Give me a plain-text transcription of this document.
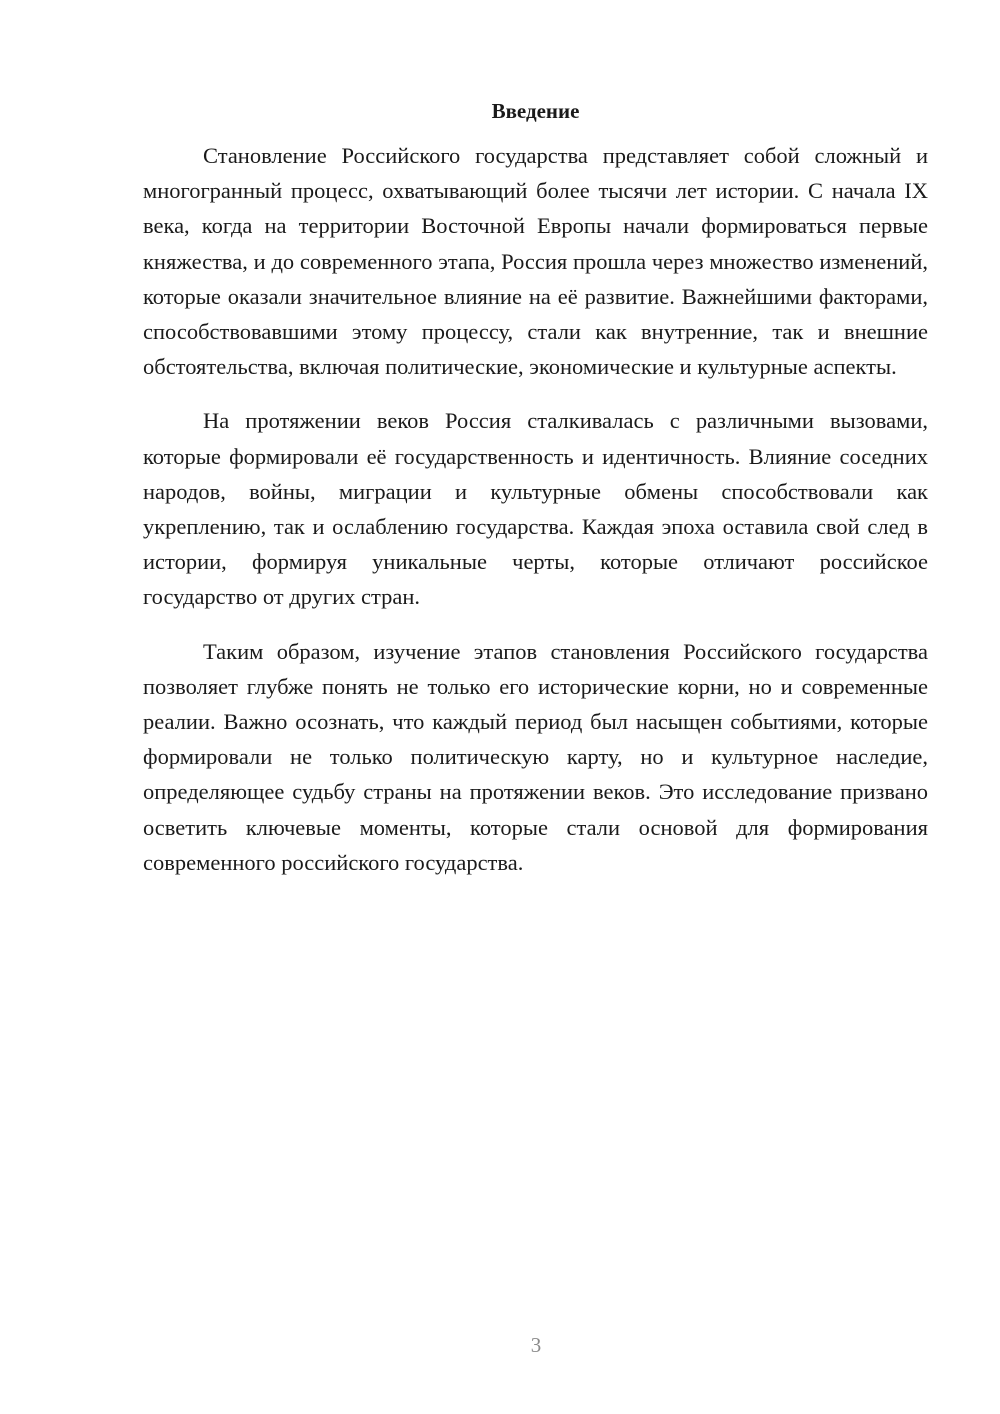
Введение

Становление Российского государства представляет собой сложный и многогранный процесс, охватывающий более тысячи лет истории. С начала IX века, когда на территории Восточной Европы начали формироваться первые княжества, и до современного этапа, Россия прошла через множество изменений, которые оказали значительное влияние на её развитие. Важнейшими факторами, способствовавшими этому процессу, стали как внутренние, так и внешние обстоятельства, включая политические, экономические и культурные аспекты.

На протяжении веков Россия сталкивалась с различными вызовами, которые формировали её государственность и идентичность. Влияние соседних народов, войны, миграции и культурные обмены способствовали как укреплению, так и ослаблению государства. Каждая эпоха оставила свой след в истории, формируя уникальные черты, которые отличают российское государство от других стран.

Таким образом, изучение этапов становления Российского государства позволяет глубже понять не только его исторические корни, но и современные реалии. Важно осознать, что каждый период был насыщен событиями, которые формировали не только политическую карту, но и культурное наследие, определяющее судьбу страны на протяжении веков. Это исследование призвано осветить ключевые моменты, которые стали основой для формирования современного российского государства.

3
